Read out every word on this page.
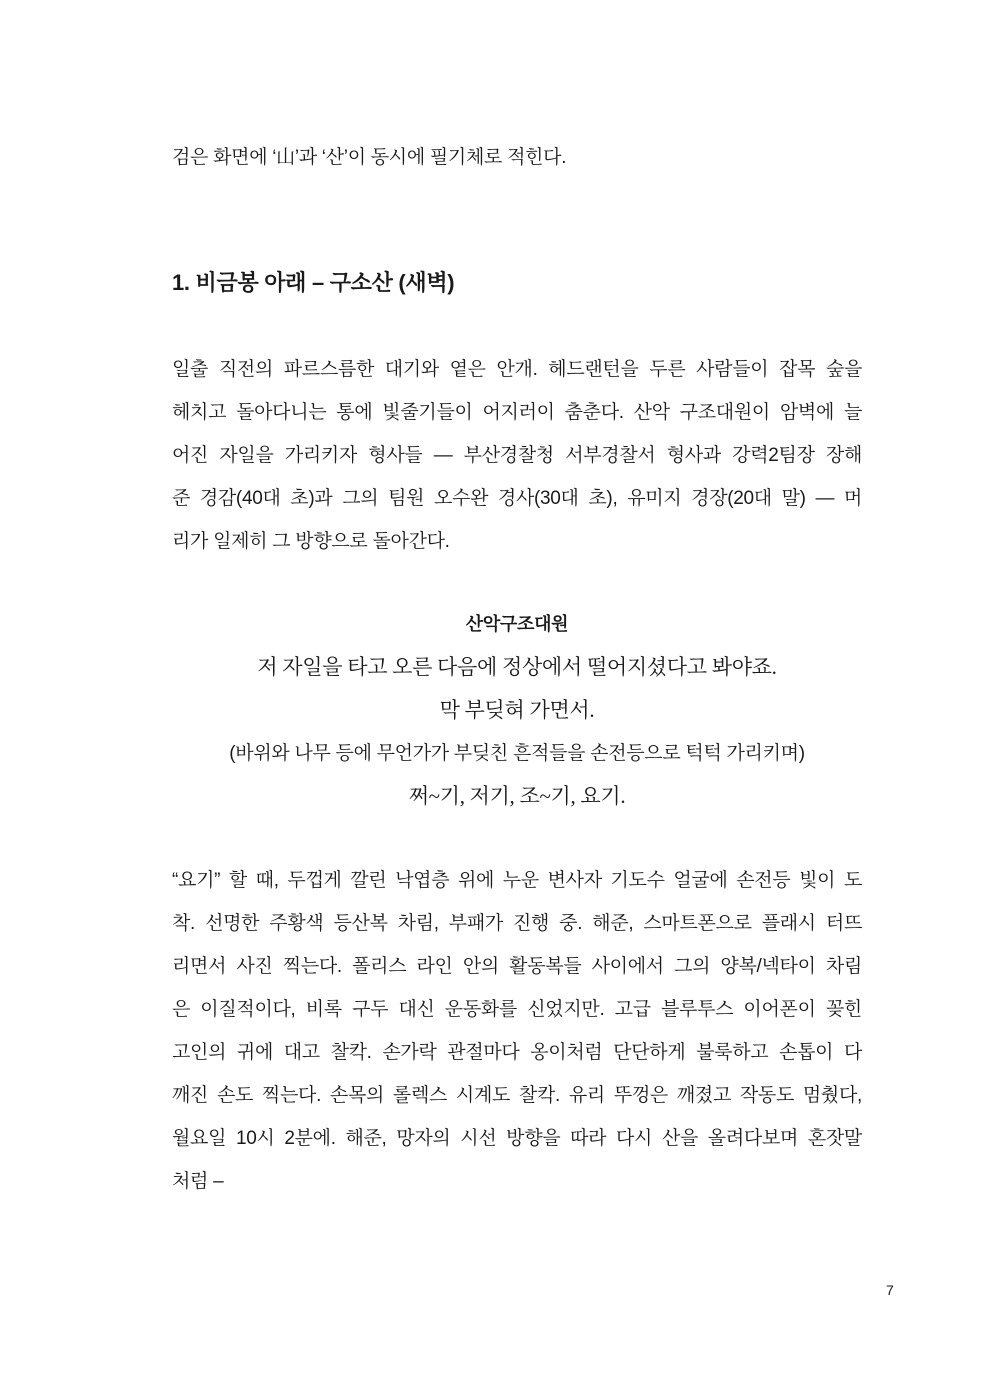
검은 화면에 ‘山’과 ‘산’이 동시에 필기체로 적힌다.
1. 비금봉 아래 – 구소산 (새벽)
일출 직전의 파르스름한 대기와 옅은 안개. 헤드랜턴을 두른 사람들이 잡목 숲을
헤치고 돌아다니는 통에 빛줄기들이 어지러이 춤춘다. 산악 구조대원이 암벽에 늘
어진 자일을 가리키자 형사들 — 부산경찰청 서부경찰서 형사과 강력2팀장 장해
준 경감(40대 초)과 그의 팀원 오수완 경사(30대 초), 유미지 경장(20대 말) — 머
리가 일제히 그 방향으로 돌아간다.
산악구조대원
저 자일을 타고 오른 다음에 정상에서 떨어지셨다고 봐야죠.
막 부딪혀 가면서.
(바위와 나무 등에 무언가가 부딪친 흔적들을 손전등으로 턱턱 가리키며)
쩌~기, 저기, 조~기, 요기.
“요기” 할 때, 두껍게 깔린 낙엽층 위에 누운 변사자 기도수 얼굴에 손전등 빛이 도
착. 선명한 주황색 등산복 차림, 부패가 진행 중. 해준, 스마트폰으로 플래시 터뜨
리면서 사진 찍는다. 폴리스 라인 안의 활동복들 사이에서 그의 양복/넥타이 차림
은 이질적이다, 비록 구두 대신 운동화를 신었지만. 고급 블루투스 이어폰이 꽂힌
고인의 귀에 대고 찰칵. 손가락 관절마다 옹이처럼 단단하게 불룩하고 손톱이 다
깨진 손도 찍는다. 손목의 롤렉스 시계도 찰칵. 유리 뚜껑은 깨졌고 작동도 멈췄다,
월요일 10시 2분에. 해준, 망자의 시선 방향을 따라 다시 산을 올려다보며 혼잣말
처럼 –
7
